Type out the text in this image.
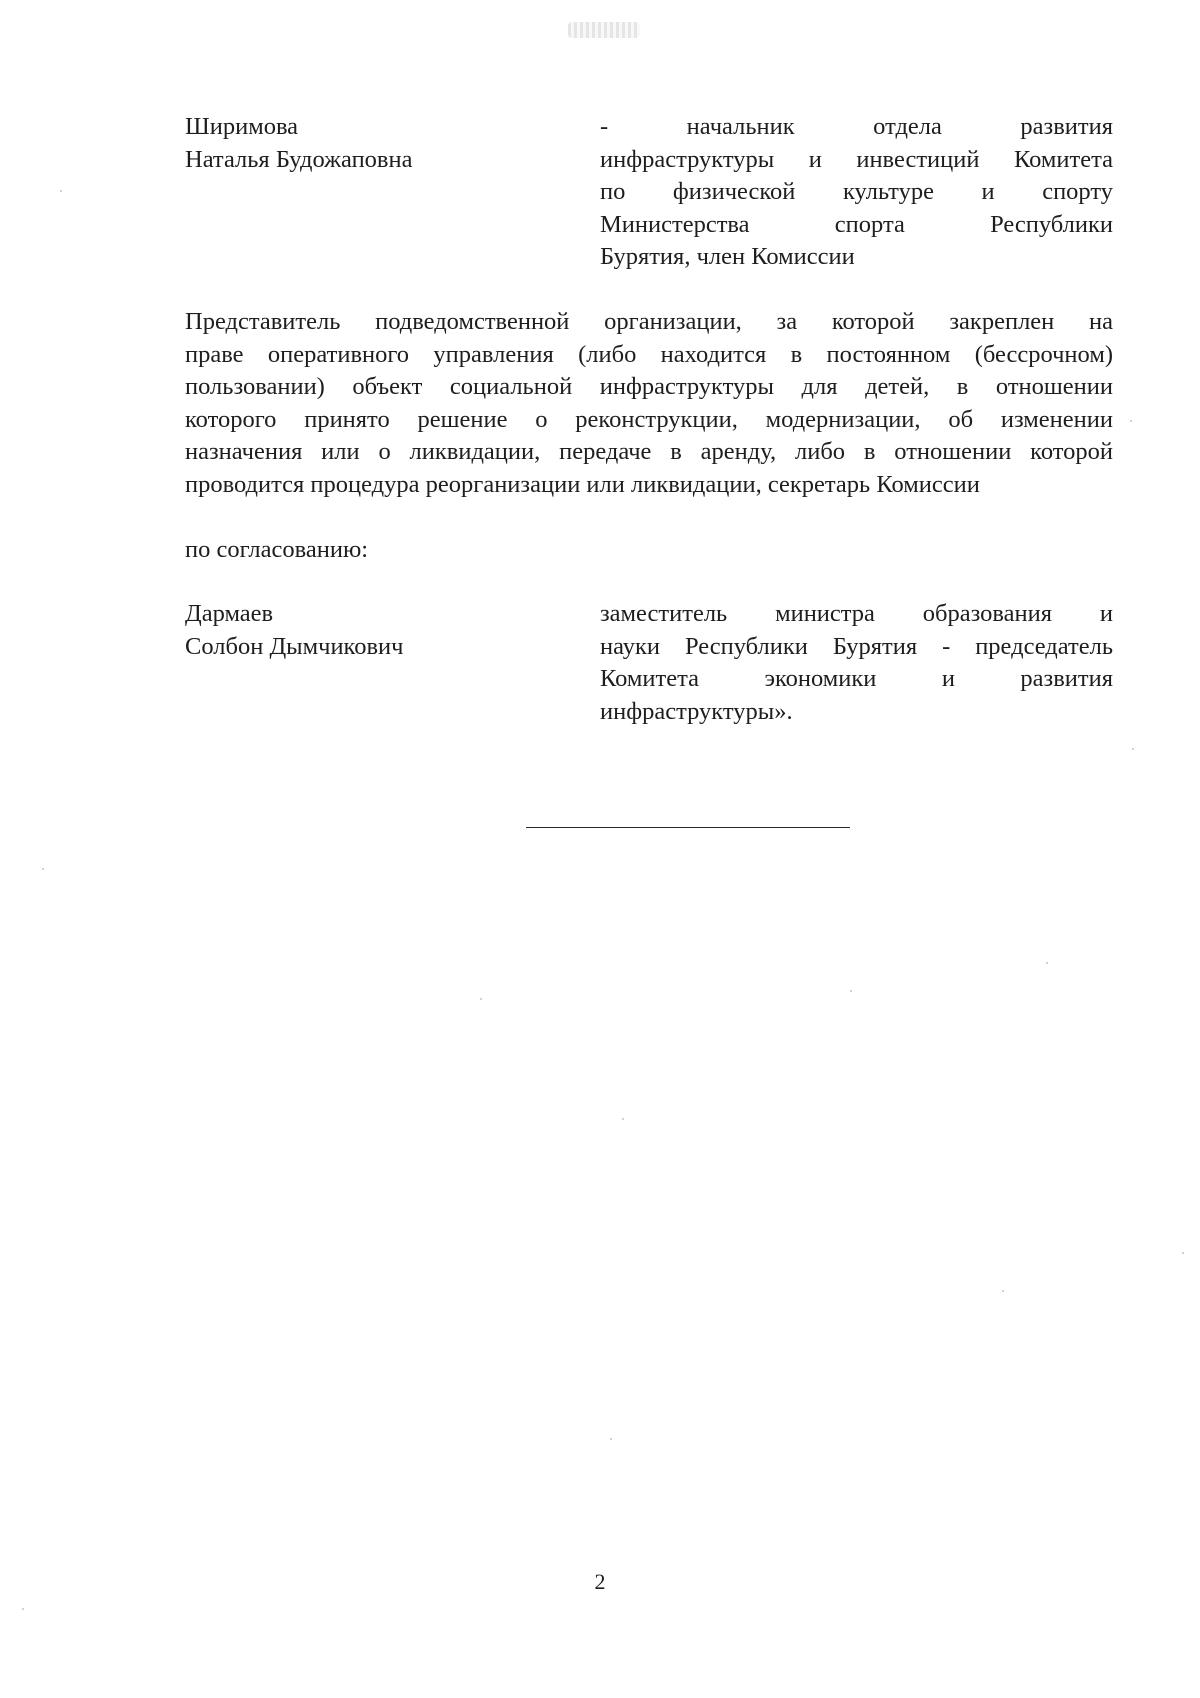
Ширимова
Наталья Будожаповна
- начальник отдела развития
инфраструктуры и инвестиций Комитета
по физической культуре и спорту
Министерства спорта Республики
Бурятия, член Комиссии
Представитель подведомственной организации, за которой закреплен на
праве оперативного управления (либо находится в постоянном (бессрочном)
пользовании) объект социальной инфраструктуры для детей, в отношении
которого принято решение о реконструкции, модернизации, об изменении
назначения или о ликвидации, передаче в аренду, либо в отношении которой
проводится процедура реорганизации или ликвидации, секретарь Комиссии
по согласованию:
Дармаев
Солбон Дымчикович
заместитель министра образования и
науки Республики Бурятия - председатель
Комитета экономики и развития
инфраструктуры».
2
